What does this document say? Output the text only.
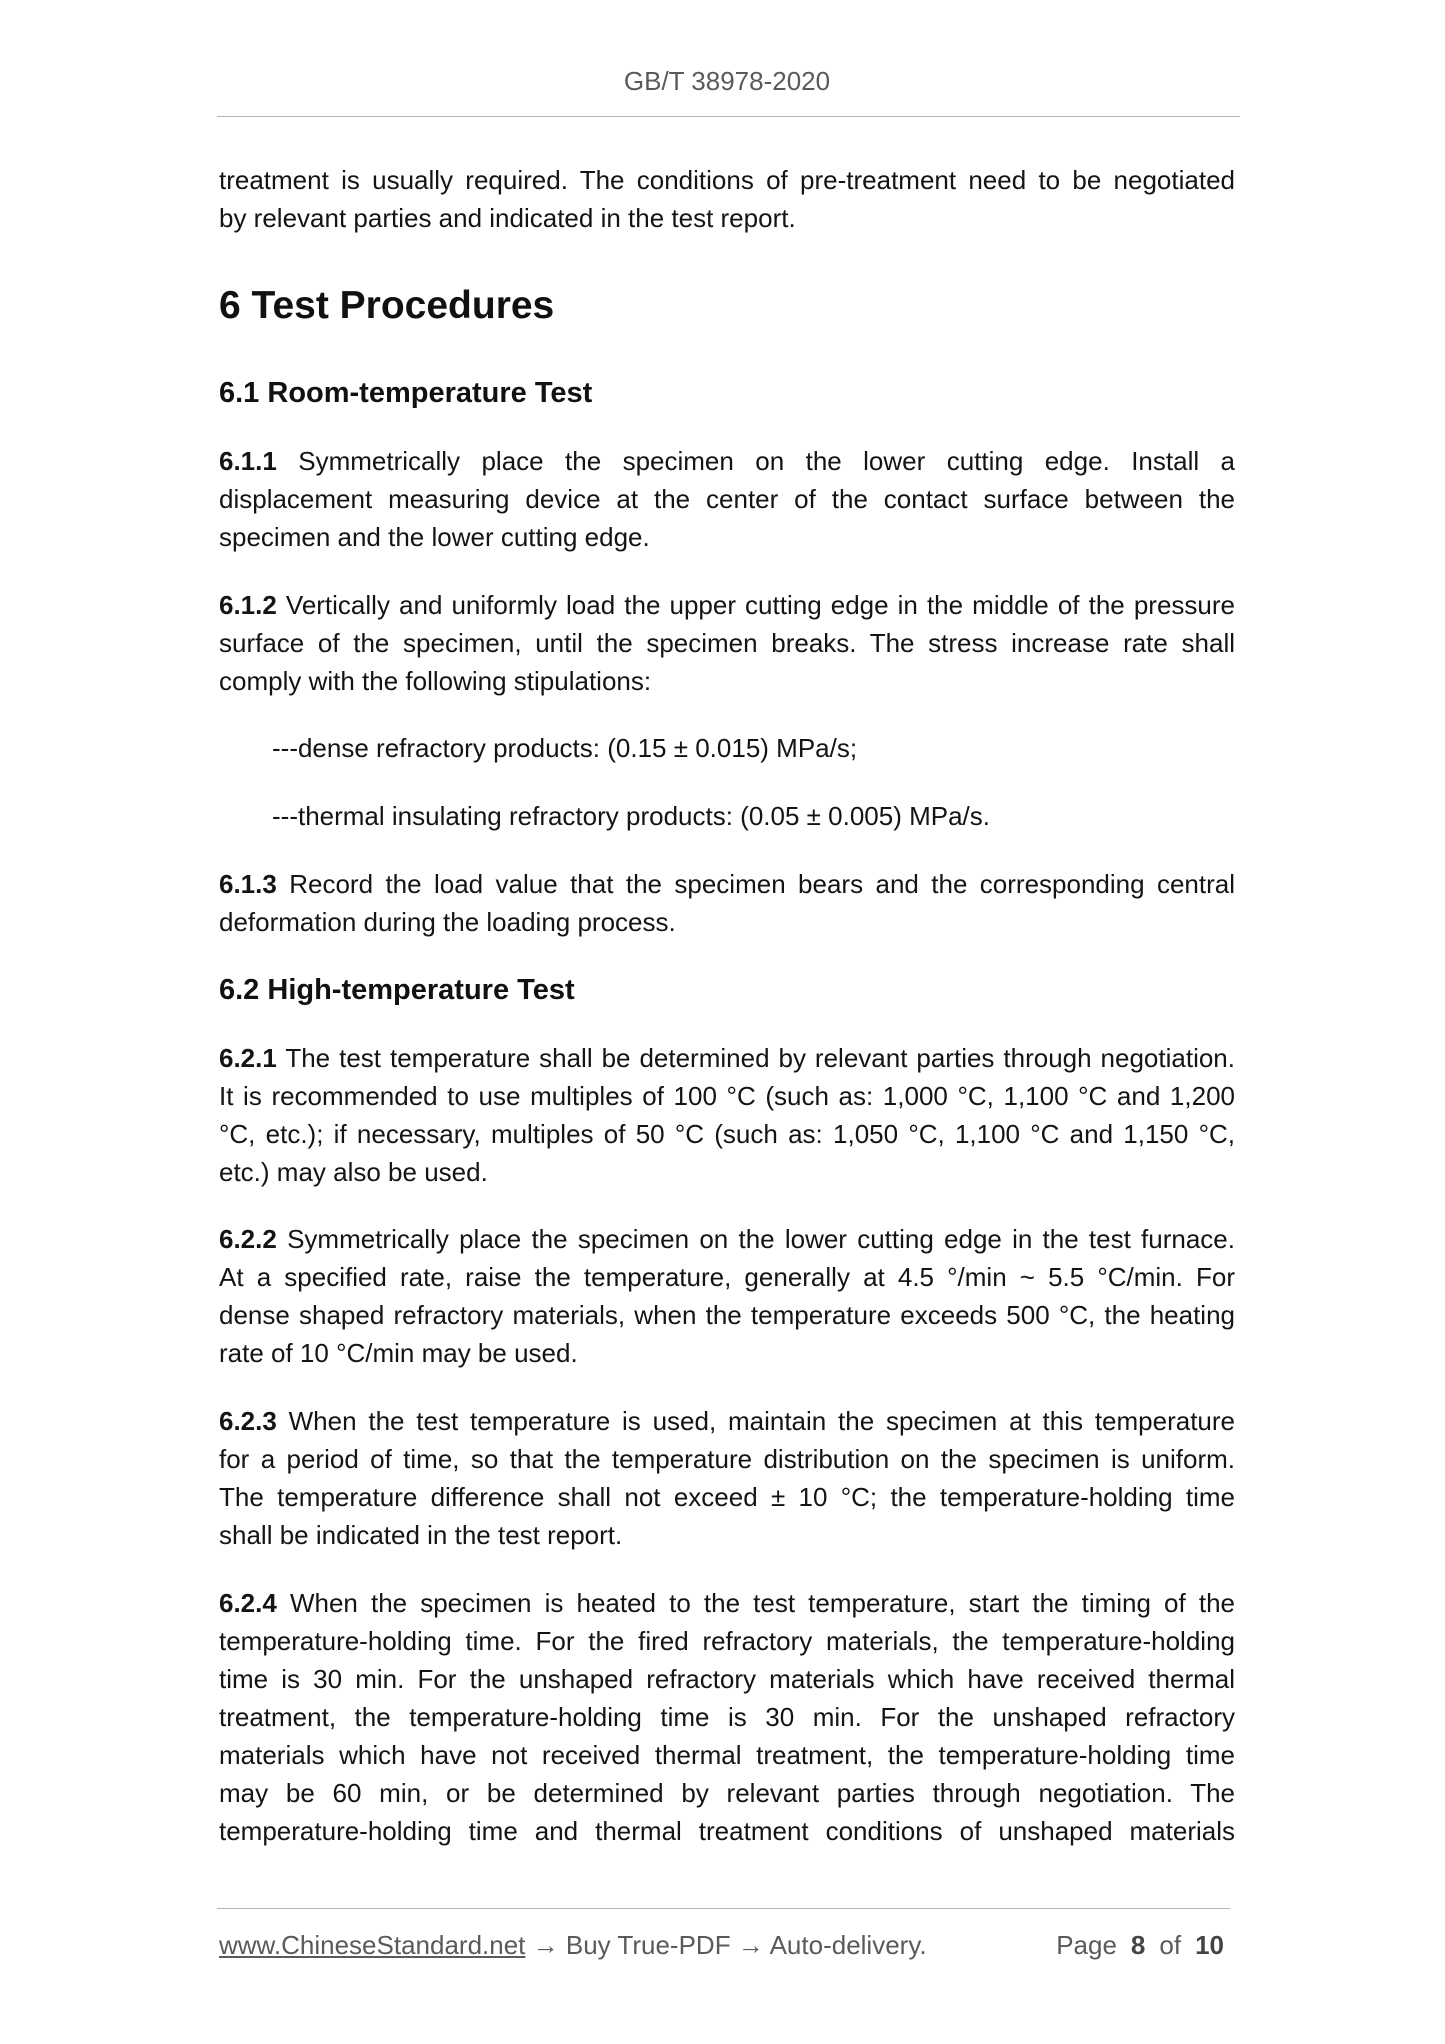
GB/T 38978-2020
treatment is usually required. The conditions of pre-treatment need to be negotiated
by relevant parties and indicated in the test report.
6 Test Procedures
6.1 Room-temperature Test
6.1.1 Symmetrically place the specimen on the lower cutting edge. Install a
displacement measuring device at the center of the contact surface between the
specimen and the lower cutting edge.
6.1.2 Vertically and uniformly load the upper cutting edge in the middle of the pressure
surface of the specimen, until the specimen breaks. The stress increase rate shall
comply with the following stipulations:
---dense refractory products: (0.15 ± 0.015) MPa/s;
---thermal insulating refractory products: (0.05 ± 0.005) MPa/s.
6.1.3 Record the load value that the specimen bears and the corresponding central
deformation during the loading process.
6.2 High-temperature Test
6.2.1 The test temperature shall be determined by relevant parties through negotiation.
It is recommended to use multiples of 100 °C (such as: 1,000 °C, 1,100 °C and 1,200
°C, etc.); if necessary, multiples of 50 °C (such as: 1,050 °C, 1,100 °C and 1,150 °C,
etc.) may also be used.
6.2.2 Symmetrically place the specimen on the lower cutting edge in the test furnace.
At a specified rate, raise the temperature, generally at 4.5 °/min ~ 5.5 °C/min. For
dense shaped refractory materials, when the temperature exceeds 500 °C, the heating
rate of 10 °C/min may be used.
6.2.3 When the test temperature is used, maintain the specimen at this temperature
for a period of time, so that the temperature distribution on the specimen is uniform.
The temperature difference shall not exceed ± 10 °C; the temperature-holding time
shall be indicated in the test report.
6.2.4 When the specimen is heated to the test temperature, start the timing of the
temperature-holding time. For the fired refractory materials, the temperature-holding
time is 30 min. For the unshaped refractory materials which have received thermal
treatment, the temperature-holding time is 30 min. For the unshaped refractory
materials which have not received thermal treatment, the temperature-holding time
may be 60 min, or be determined by relevant parties through negotiation. The
temperature-holding time and thermal treatment conditions of unshaped materials
www.ChineseStandard.net → Buy True-PDF → Auto-delivery.	Page 8 of 10
